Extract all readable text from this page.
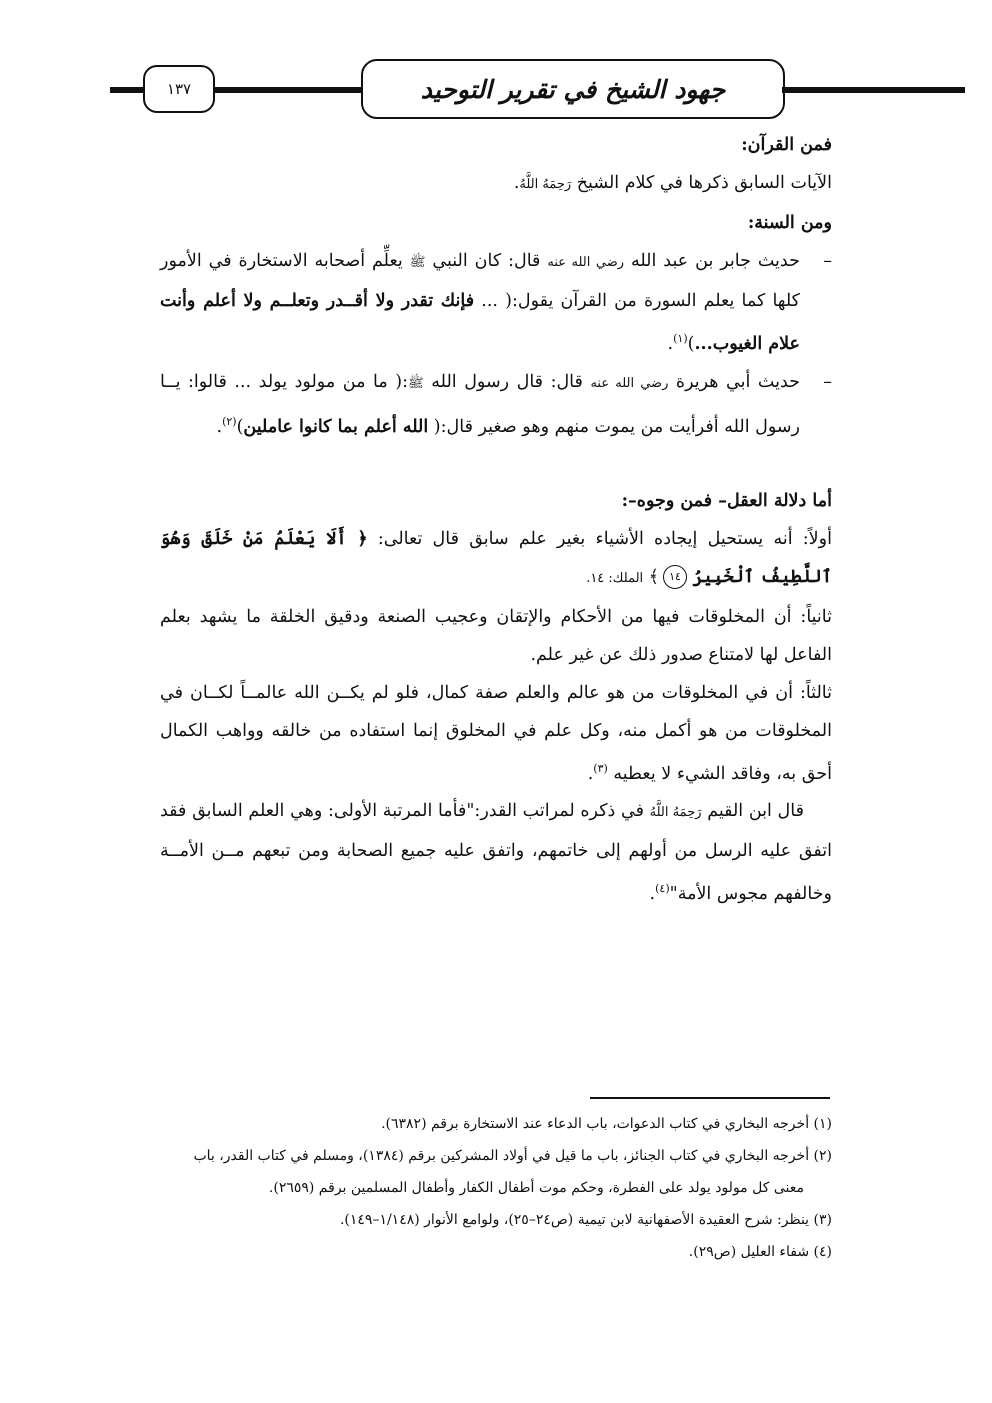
١٣٧	جهود الشيخ في تقرير التوحيد

فمن القرآن:

الآيات السابق ذكرها في كلام الشيخ رَحِمَهُ اللَّهُ.

ومن السنة:

–
حديث جابر بن عبد الله رضي الله عنه قال: كان النبي ﷺ يعلِّم أصحابه الاستخارة في الأمور كلها كما يعلم السورة من القرآن يقول:( ... فإنك تقدر ولا أقــدر وتعلــم ولا أعلم وأنت علام الغيوب...)$^{(١)}$.

–
حديث أبي هريرة رضي الله عنه قال: قال رسول الله ﷺ:( ما من مولود يولد ... قالوا: يــا رسول الله أفرأيت من يموت منهم وهو صغير قال:( الله أعلم بما كانوا عاملين)$^{(٢)}$.

أما دلالة العقل– فمن وجوه–:

أولاً: أنه يستحيل إيجاده الأشياء بغير علم سابق قال تعالى: ﴿ أَلَا يَعْلَمُ مَنْ خَلَقَ وَهُوَ ٱللَّطِيفُ ٱلْخَبِيرُ ١٤﴾ الملك: ١٤.

ثانياً: أن المخلوقات فيها من الأحكام والإتقان وعجيب الصنعة ودقيق الخلقة ما يشهد بعلم الفاعل لها لامتناع صدور ذلك عن غير علم.

ثالثاً: أن في المخلوقات من هو عالم والعلم صفة كمال، فلو لم يكــن الله عالمــاً لكــان في المخلوقات من هو أكمل منه، وكل علم في المخلوق إنما استفاده من خالقه وواهب الكمال أحق به، وفاقد الشيء لا يعطيه $^{(٣)}$.

قال ابن القيم رَحِمَهُ اللَّهُ في ذكره لمراتب القدر:"فأما المرتبة الأولى: وهي العلم السابق فقد اتفق عليه الرسل من أولهم إلى خاتمهم، واتفق عليه جميع الصحابة ومن تبعهم مــن الأمــة وخالفهم مجوس الأمة"$^{(٤)}$.

(١) أخرجه البخاري في كتاب الدعوات، باب الدعاء عند الاستخارة برقم (٦٣٨٢).

(٢) أخرجه البخاري في كتاب الجنائز، باب ما قيل في أولاد المشركين برقم (١٣٨٤)، ومسلم في كتاب القدر، باب

معنى كل مولود يولد على الفطرة، وحكم موت أطفال الكفار وأطفال المسلمين برقم (٢٦٥٩).

(٣) ينظر: شرح العقيدة الأصفهانية لابن تيمية (ص٢٤–٢٥)، ولوامع الأنوار (١/١٤٨–١٤٩).

(٤) شفاء العليل (ص٢٩).
